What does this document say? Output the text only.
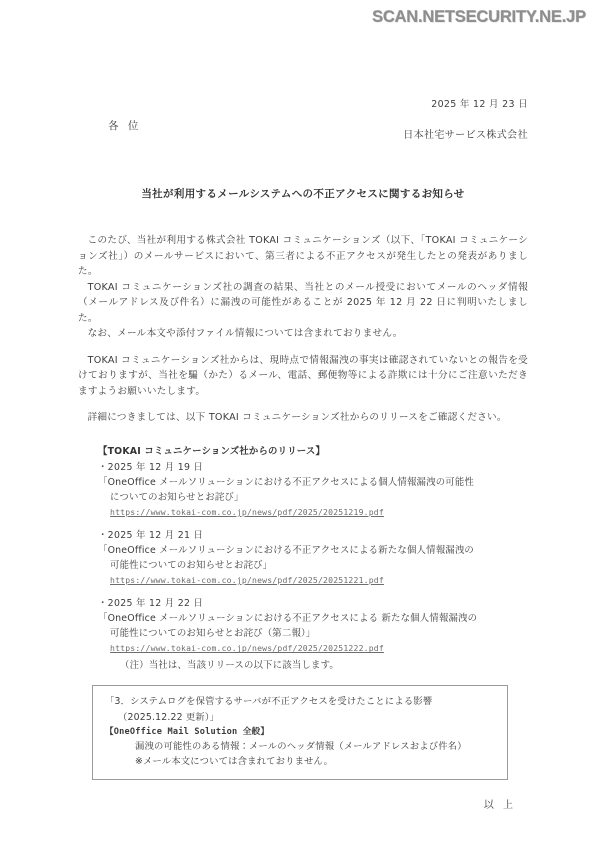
SCAN.NETSECURITY.NE.JP
2025 年 12 月 23 日
各 位
日本社宅サービス株式会社
当社が利用するメールシステムへの不正アクセスに関するお知らせ

このたび、当社が利用する株式会社 TOKAI コミュニケーションズ（以下、「TOKAI コミュニケーションズ社」）のメールサービスにおいて、第三者による不正アクセスが発生したとの発表がありました。

TOKAI コミュニケーションズ社の調査の結果、当社とのメール授受においてメールのヘッダ情報（メールアドレス及び件名）に漏洩の可能性があることが 2025 年 12 月 22 日に判明いたしました。

なお、メール本文や添付ファイル情報については含まれておりません。

TOKAI コミュニケーションズ社からは、現時点で情報漏洩の事実は確認されていないとの報告を受けておりますが、当社を騙（かた）るメール、電話、郵便物等による詐欺には十分にご注意いただきますようお願いいたします。

詳細につきましては、以下 TOKAI コミュニケーションズ社からのリリースをご確認ください。

【TOKAI コミュニケーションズ社からのリリース】
・2025 年 12 月 19 日
「OneOffice メールソリューションにおける不正アクセスによる個人情報漏洩の可能性
についてのお知らせとお詫び」
https://www.tokai-com.co.jp/news/pdf/2025/20251219.pdf
・2025 年 12 月 21 日
「OneOffice メールソリューションにおける不正アクセスによる新たな個人情報漏洩の
可能性についてのお知らせとお詫び」
https://www.tokai-com.co.jp/news/pdf/2025/20251221.pdf
・2025 年 12 月 22 日
「OneOffice メールソリューションにおける不正アクセスによる 新たな個人情報漏洩の
可能性についてのお知らせとお詫び（第二報）」
https://www.tokai-com.co.jp/news/pdf/2025/20251222.pdf
（注）当社は、当該リリースの以下に該当します。
「3．システムログを保管するサーバが不正アクセスを受けたことによる影響
（2025.12.22 更新）」
【OneOffice Mail Solution 全般】
漏洩の可能性のある情報：メールのヘッダ情報（メールアドレスおよび件名）
※メール本文については含まれておりません。
以 上
